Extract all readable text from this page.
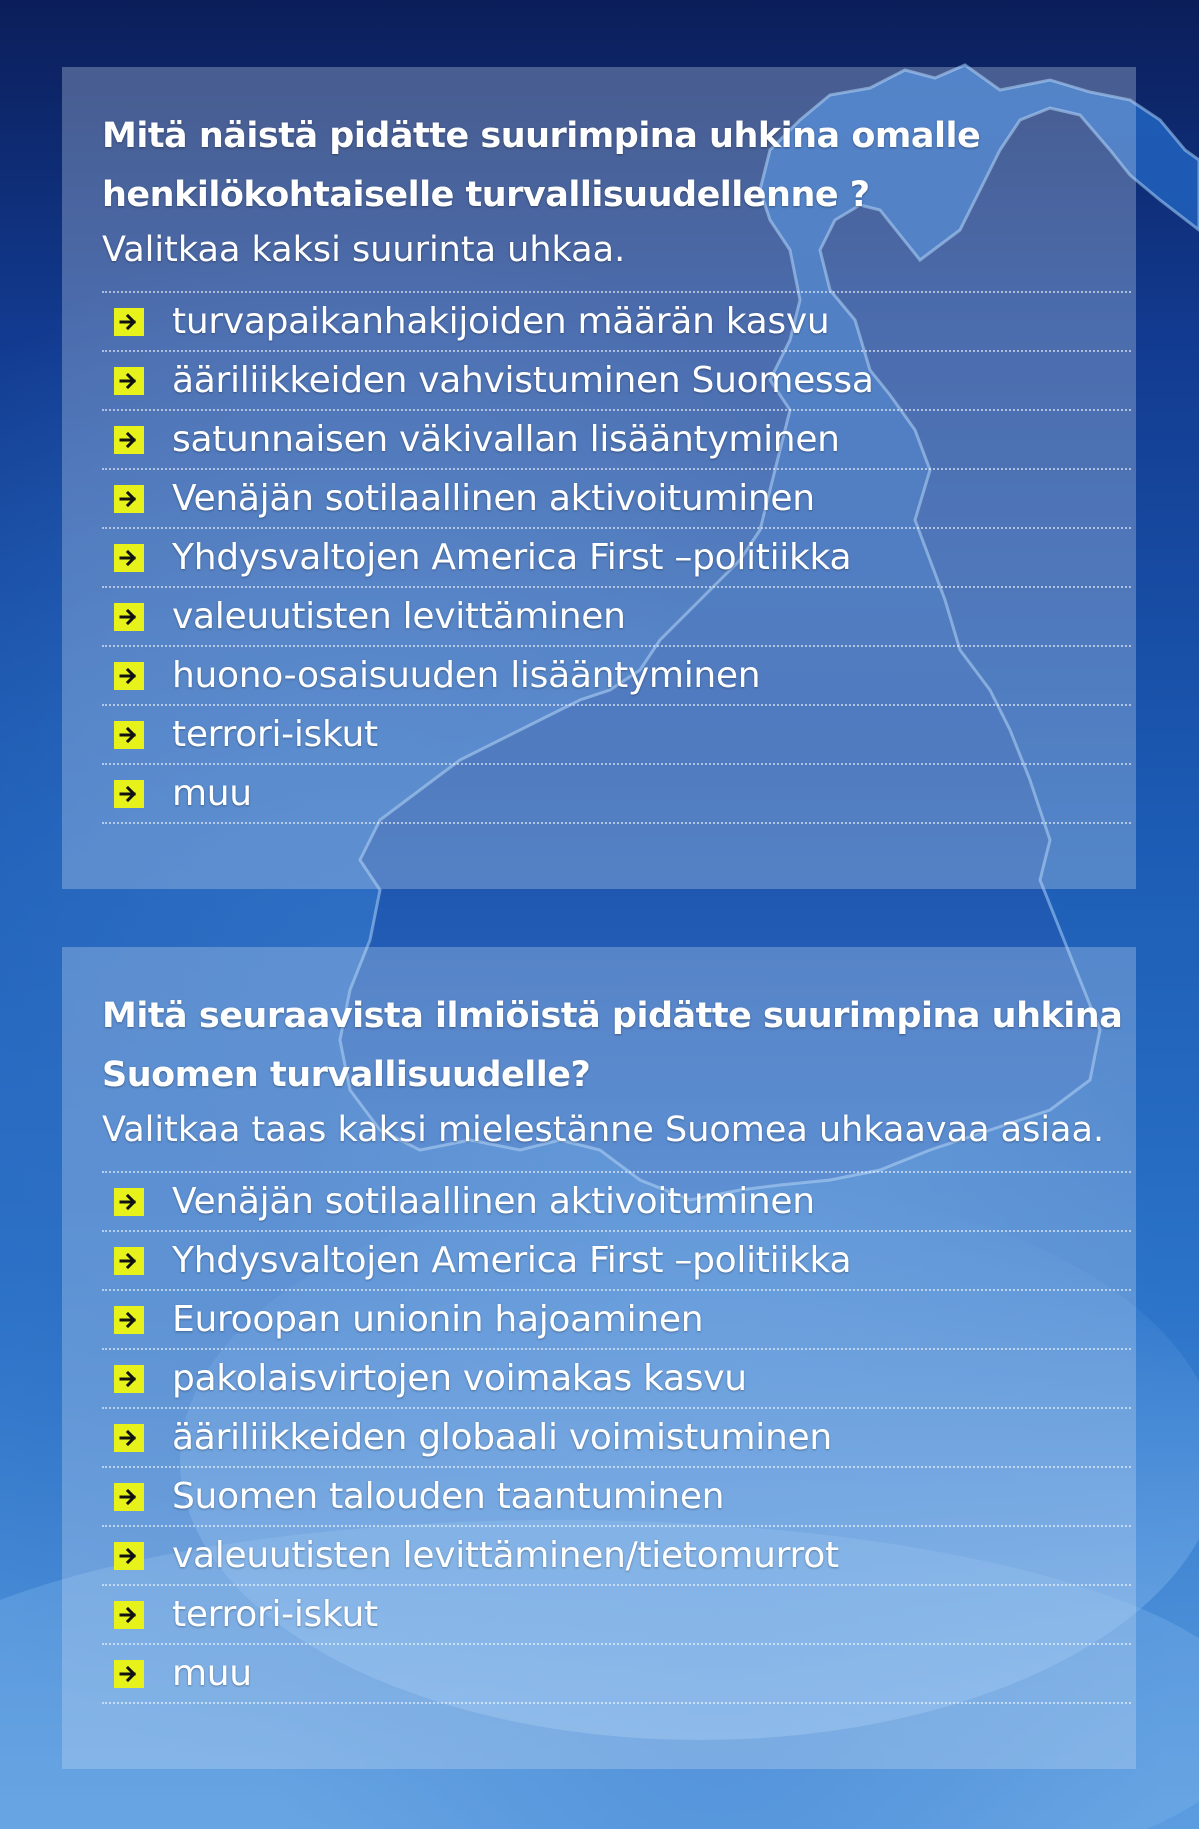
Mitä näistä pidätte suurimpina uhkina omalle

henkilökohtaiselle turvallisuudellenne ?

Valitkaa kaksi suurinta uhkaa.

turvapaikanhakijoiden määrän kasvu
ääriliikkeiden vahvistuminen Suomessa
satunnaisen väkivallan lisääntyminen
Venäjän sotilaallinen aktivoituminen
Yhdysvaltojen America First –politiikka
valeuutisten levittäminen
huono-osaisuuden lisääntyminen
terrori-iskut
muu

Mitä seuraavista ilmiöistä pidätte suurimpina uhkina

Suomen turvallisuudelle?

Valitkaa taas kaksi mielestänne Suomea uhkaavaa asiaa.

Venäjän sotilaallinen aktivoituminen
Yhdysvaltojen America First –politiikka
Euroopan unionin hajoaminen
pakolaisvirtojen voimakas kasvu
ääriliikkeiden globaali voimistuminen
Suomen talouden taantuminen
valeuutisten levittäminen/tietomurrot
terrori-iskut
muu
